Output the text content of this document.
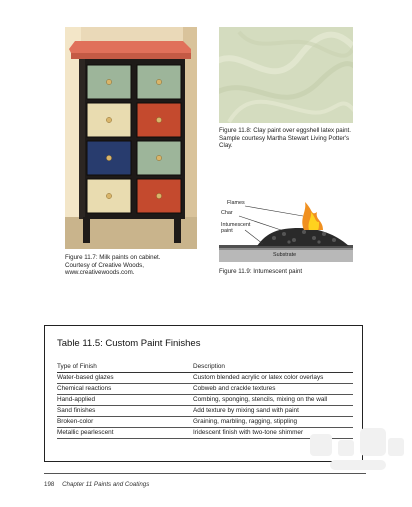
Figure 11.7: Milk paints on cabinet.
Courtesy of Creative Woods, www.creativewoods.com.
Figure 11.8: Clay paint over eggshell latex paint.
Sample courtesy Martha Stewart Living Potter's Clay.
Flames
Char
Intumescent paint
Substrate
Figure 11.9: Intumescent paint
Table 11.5: Custom Paint Finishes
Type of Finish	Description
Water-based glazes	Custom blended acrylic or latex color overlays
Chemical reactions	Cobweb and crackle textures
Hand-applied	Combing, sponging, stencils, mixing on the wall
Sand finishes	Add texture by mixing sand with paint
Broken-color	Graining, marbling, ragging, stippling
Metallic pearlescent	Iridescent finish with two-tone shimmer
198 Chapter 11 Paints and Coatings
